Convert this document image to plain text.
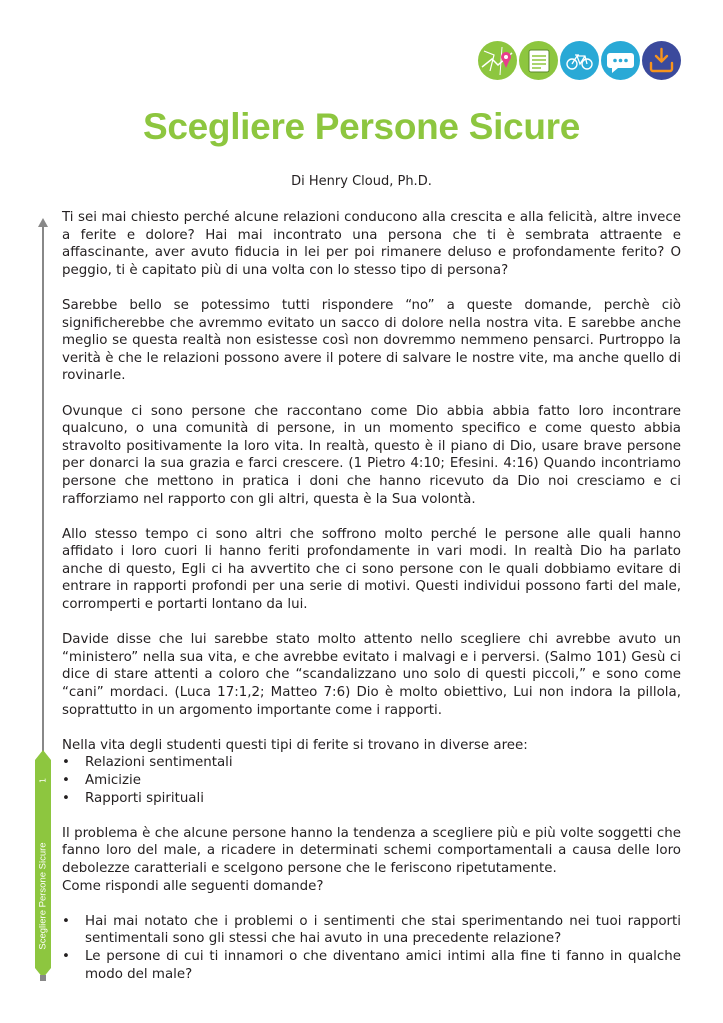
Scegliere Persone Sicure

Di Henry Cloud, Ph.D.

1
Scegliere Persone Sicure

Ti sei mai chiesto perché alcune relazioni conducono alla crescita e alla felicità, altre invece a ferite e dolore? Hai mai incontrato una persona che ti è sembrata attraente e affascinante, aver avuto fiducia in lei per poi rimanere deluso e profondamente ferito? O peggio, ti è capitato più di una volta con lo stesso tipo di persona?

Sarebbe bello se potessimo tutti rispondere “no” a queste domande, perchè ciò significherebbe che avremmo evitato un sacco di dolore nella nostra vita. E sarebbe anche meglio se questa realtà non esistesse così non dovremmo nemmeno pensarci. Purtroppo la verità è che le relazioni possono avere il potere di salvare le nostre vite, ma anche quello di rovinarle.

Ovunque ci sono persone che raccontano come Dio abbia abbia fatto loro incontrare qualcuno, o una comunità di persone, in un momento specifico e come questo abbia stravolto positivamente la loro vita. In realtà, questo è il piano di Dio, usare brave persone per donarci la sua grazia e farci crescere. (1 Pietro 4:10; Efesini. 4:16) Quando incontriamo persone che mettono in pratica i doni che hanno ricevuto da Dio noi cresciamo e ci rafforziamo nel rapporto con gli altri, questa è la Sua volontà.

Allo stesso tempo ci sono altri che soffrono molto perché le persone alle quali hanno affidato i loro cuori li hanno feriti profondamente in vari modi. In realtà Dio ha parlato anche di questo, Egli ci ha avvertito che ci sono persone con le quali dobbiamo evitare di entrare in rapporti profondi per una serie di motivi. Questi individui possono farti del male, corromperti e portarti lontano da lui.

Davide disse che lui sarebbe stato molto attento nello scegliere chi avrebbe avuto un “ministero” nella sua vita, e che avrebbe evitato i malvagi e i perversi. (Salmo 101) Gesù ci dice di stare attenti a coloro che “scandalizzano uno solo di questi piccoli,” e sono come “cani” mordaci. (Luca 17:1,2; Matteo 7:6) Dio è molto obiettivo, Lui non indora la pillola, soprattutto in un argomento importante come i rapporti.

Nella vita degli studenti questi tipi di ferite si trovano in diverse aree:

• Relazioni sentimentali
• Amicizie
• Rapporti spirituali

Il problema è che alcune persone hanno la tendenza a scegliere più e più volte soggetti che fanno loro del male, a ricadere in determinati schemi comportamentali a causa delle loro debolezze caratteriali e scelgono persone che le feriscono ripetutamente.

Come rispondi alle seguenti domande?

• Hai mai notato che i problemi o i sentimenti che stai sperimentando nei tuoi rapporti sentimentali sono gli stessi che hai avuto in una precedente relazione?
• Le persone di cui ti innamori o che diventano amici intimi alla fine ti fanno in qualche modo del male?
